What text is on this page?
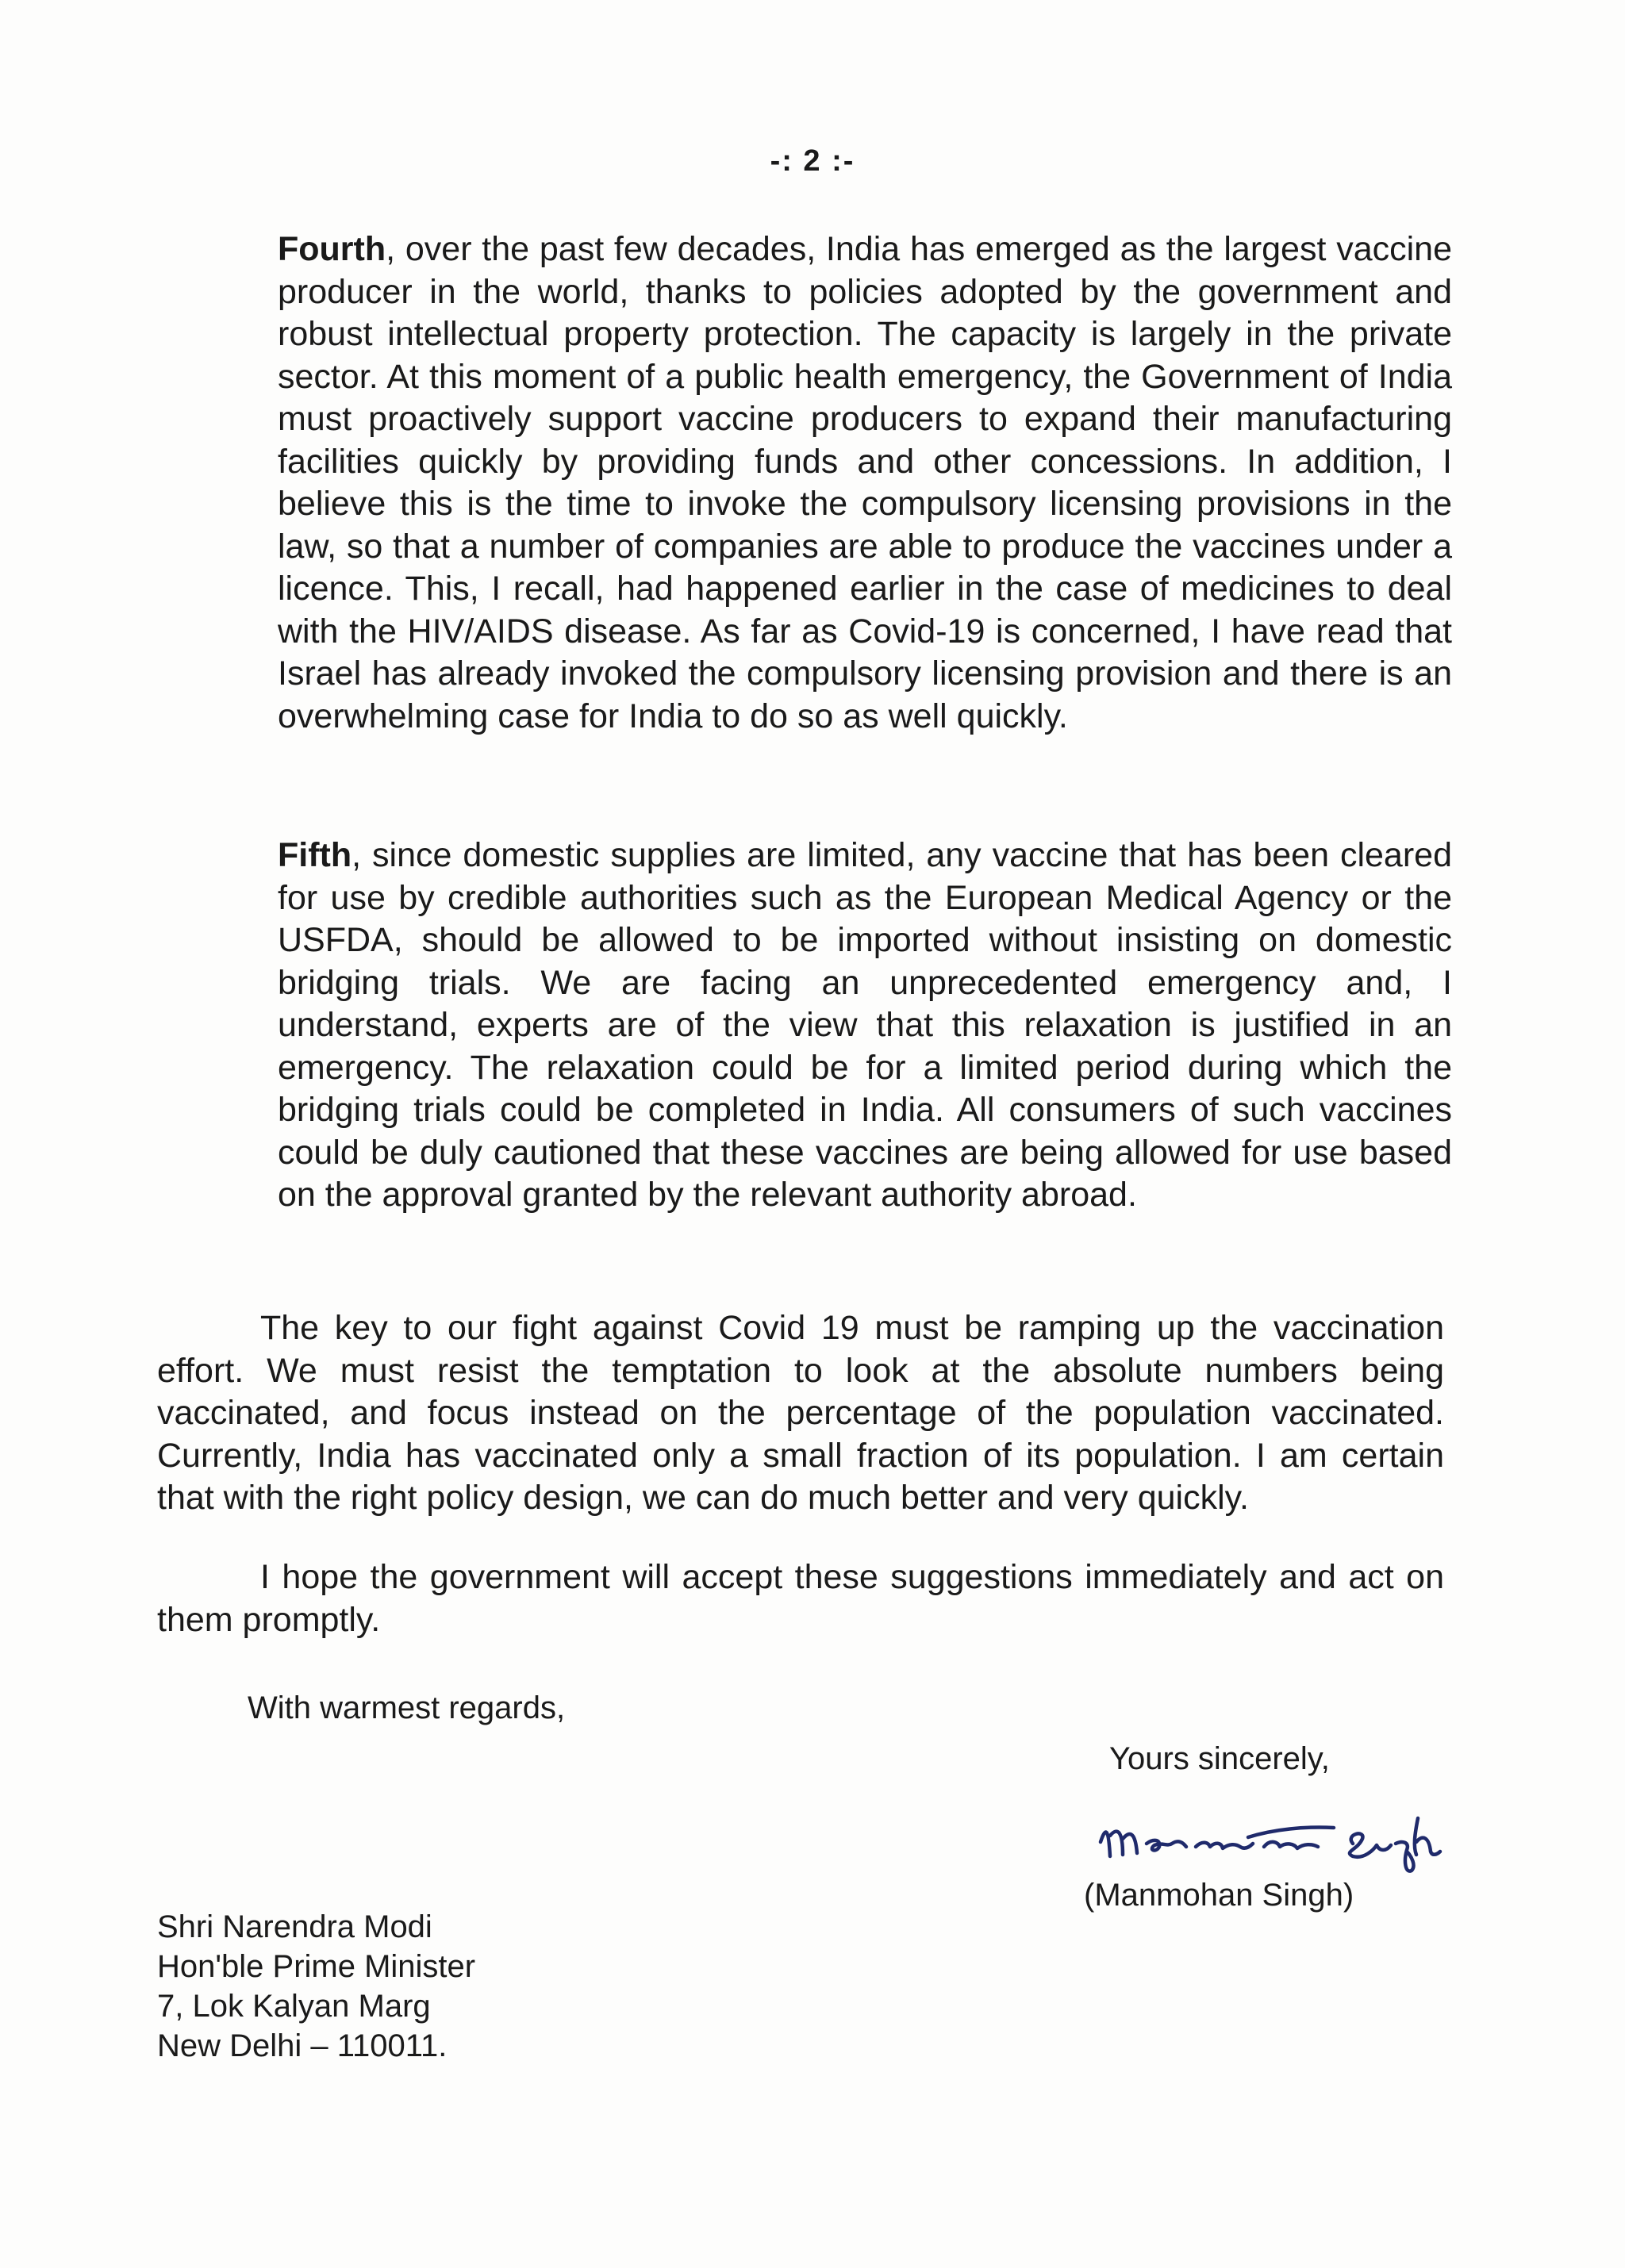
-: 2 :-

Fourth, over the past few decades, India has emerged as the largest vaccine producer in the world, thanks to policies adopted by the government and robust intellectual property protection. The capacity is largely in the private sector. At this moment of a public health emergency, the Government of India must proactively support vaccine producers to expand their manufacturing facilities quickly by providing funds and other concessions. In addition, I believe this is the time to invoke the compulsory licensing provisions in the law, so that a number of companies are able to produce the vaccines under a licence. This, I recall, had happened earlier in the case of medicines to deal with the HIV/AIDS disease. As far as Covid-19 is concerned, I have read that Israel has already invoked the compulsory licensing provision and there is an overwhelming case for India to do so as well quickly.

Fifth, since domestic supplies are limited, any vaccine that has been cleared for use by credible authorities such as the European Medical Agency or the USFDA, should be allowed to be imported without insisting on domestic bridging trials. We are facing an unprecedented emergency and, I understand, experts are of the view that this relaxation is justified in an emergency. The relaxation could be for a limited period during which the bridging trials could be completed in India. All consumers of such vaccines could be duly cautioned that these vaccines are being allowed for use based on the approval granted by the relevant authority abroad.

The key to our fight against Covid 19 must be ramping up the vaccination effort. We must resist the temptation to look at the absolute numbers being vaccinated, and focus instead on the percentage of the population vaccinated. Currently, India has vaccinated only a small fraction of its population. I am certain that with the right policy design, we can do much better and very quickly.

I hope the government will accept these suggestions immediately and act on them promptly.

With warmest regards,

Yours sincerely,

(Manmohan Singh)

Shri Narendra Modi
Hon'ble Prime Minister
7, Lok Kalyan Marg
New Delhi – 110011.
